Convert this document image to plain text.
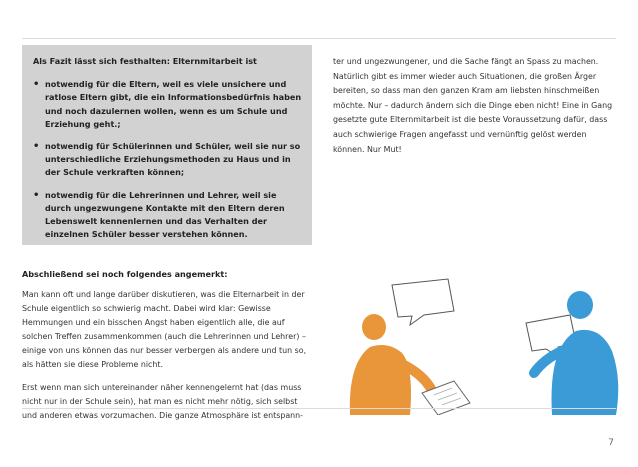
Als Fazit lässt sich festhalten: Elternmitarbeit ist
• notwendig für die Eltern, weil es viele unsichere und ratlose Eltern gibt, die ein Informationsbedürfnis haben und noch dazulernen wollen, wenn es um Schule und Erziehung geht.;
• notwendig für Schülerinnen und Schüler, weil sie nur so unterschiedliche Erziehungsmethoden zu Haus und in der Schule verkraften können;
• notwendig für die Lehrerinnen und Lehrer, weil sie durch ungezwungene Kontakte mit den Eltern deren Lebenswelt kennenlernen und das Verhalten der einzelnen Schüler besser verstehen können.
Abschließend sei noch folgendes angemerkt:

Man kann oft und lange darüber diskutieren, was die Elternarbeit in der Schule eigentlich so schwierig macht. Dabei wird klar: Gewisse Hemmungen und ein bisschen Angst haben eigentlich alle, die auf solchen Treffen zusammenkommen (auch die Lehrerinnen und Lehrer) – einige von uns können das nur besser verbergen als andere und tun so, als hätten sie diese Probleme nicht.

Erst wenn man sich untereinander näher kennengelernt hat (das muss nicht nur in der Schule sein), hat man es nicht mehr nötig, sich selbst und anderen etwas vorzumachen. Die ganze Atmosphäre ist entspann-

ter und ungezwungener, und die Sache fängt an Spass zu machen. Natürlich gibt es immer wieder auch Situationen, die großen Ärger bereiten, so dass man den ganzen Kram am liebsten hinschmeißen möchte. Nur – dadurch ändern sich die Dinge eben nicht! Eine in Gang gesetzte gute Elternmitarbeit ist die beste Voraussetzung dafür, dass auch schwierige Fragen angefasst und vernünftig gelöst werden können. Nur Mut!

7
